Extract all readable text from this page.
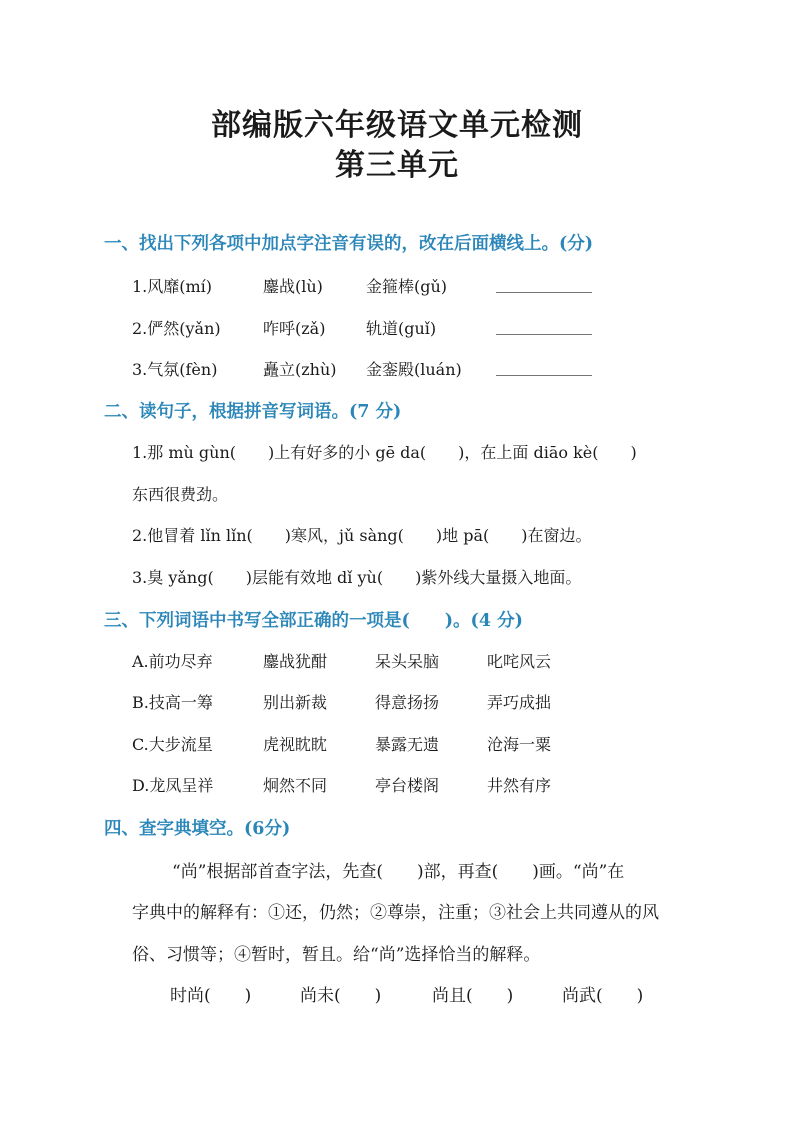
部编版六年级语文单元检测
第三单元
一、找出下列各项中加点字注音有误的，改在后面横线上。(分)
1.风靡(mí)	鏖战(lù)	金箍棒(gǔ)	____________
2.俨然(yǎn)	咋呼(zǎ)	轨道(guǐ)	____________
3.气氛(fèn)	矗立(zhù) 金銮殿(luán) ____________
二、读句子，根据拼音写词语。(7 分)
1.那 mù gùn(　　)上有好多的小 gē da(　　)，在上面 diāo kè(　　)
东西很费劲。
2.他冒着 lǐn lǐn(　　)寒风，jǔ sàng(　　)地 pā(　　)在窗边。
3.臭 yǎng(　　)层能有效地 dǐ yù(　　)紫外线大量摄入地面。
三、下列词语中书写全部正确的一项是(　　)。(4 分)
A.前功尽弃	鏖战犹酣	呆头呆脑	叱咤风云
B.技高一筹	别出新裁	得意扬扬	弄巧成拙
C.大步流星	虎视眈眈	暴露无遗	沧海一粟
D.龙凤呈祥	炯然不同	亭台楼阁	井然有序
四、查字典填空。(6分)
“尚”根据部首查字法，先查(　　)部，再查(　　)画。“尚”在
字典中的解释有：①还，仍然；②尊崇，注重；③社会上共同遵从的风
俗、习惯等；④暂时，暂且。给“尚”选择恰当的解释。
时尚(　　)	尚未(　　)	尚且(　　)	尚武(　　)
